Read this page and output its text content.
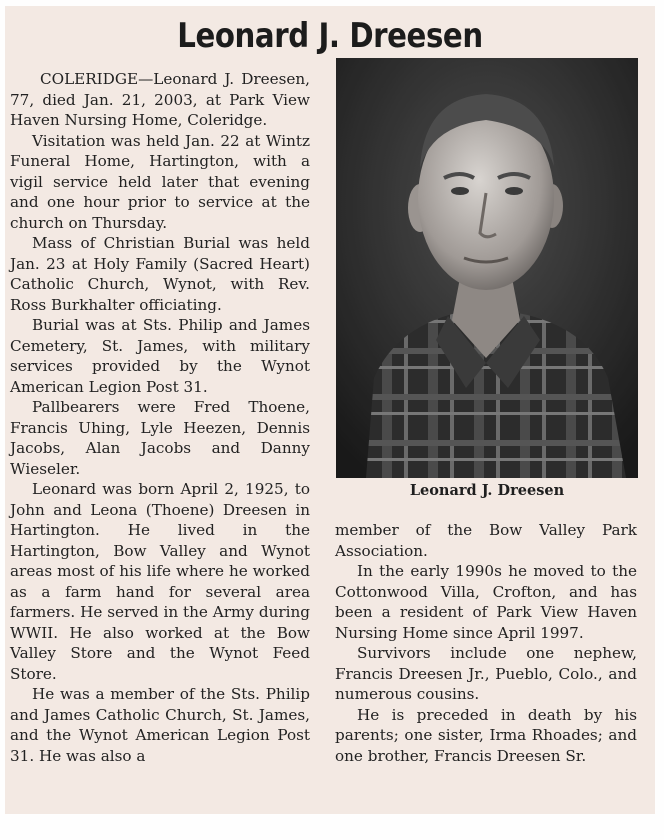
Leonard J. Dreesen

COLERIDGE—Leonard J. Dreesen, 77, died Jan. 21, 2003, at Park View Haven Nursing Home, Coleridge.

Visitation was held Jan. 22 at Wintz Funeral Home, Hartington, with a vigil service held later that evening and one hour prior to service at the church on Thursday.

Mass of Christian Burial was held Jan. 23 at Holy Family (Sacred Heart) Catholic Church, Wynot, with Rev. Ross Burkhalter officiating.

Burial was at Sts. Philip and James Cemetery, St. James, with military services provided by the Wynot American Legion Post 31.

Pallbearers were Fred Thoene, Francis Uhing, Lyle Heezen, Dennis Jacobs, Alan Jacobs and Danny Wieseler.

Leonard was born April 2, 1925, to John and Leona (Thoene) Dreesen in Hartington. He lived in the Hartington, Bow Valley and Wynot areas most of his life where he worked as a farm hand for several area farmers. He served in the Army during WWII. He also worked at the Bow Valley Store and the Wynot Feed Store.

He was a member of the Sts. Philip and James Catholic Church, St. James, and the Wynot American Legion Post 31. He was also a

Leonard J. Dreesen

member of the Bow Valley Park Association.

In the early 1990s he moved to the Cottonwood Villa, Crofton, and has been a resident of Park View Haven Nursing Home since April 1997.

Survivors include one nephew, Francis Dreesen Jr., Pueblo, Colo., and numerous cousins.

He is preceded in death by his parents; one sister, Irma Rhoades; and one brother, Francis Dreesen Sr.
